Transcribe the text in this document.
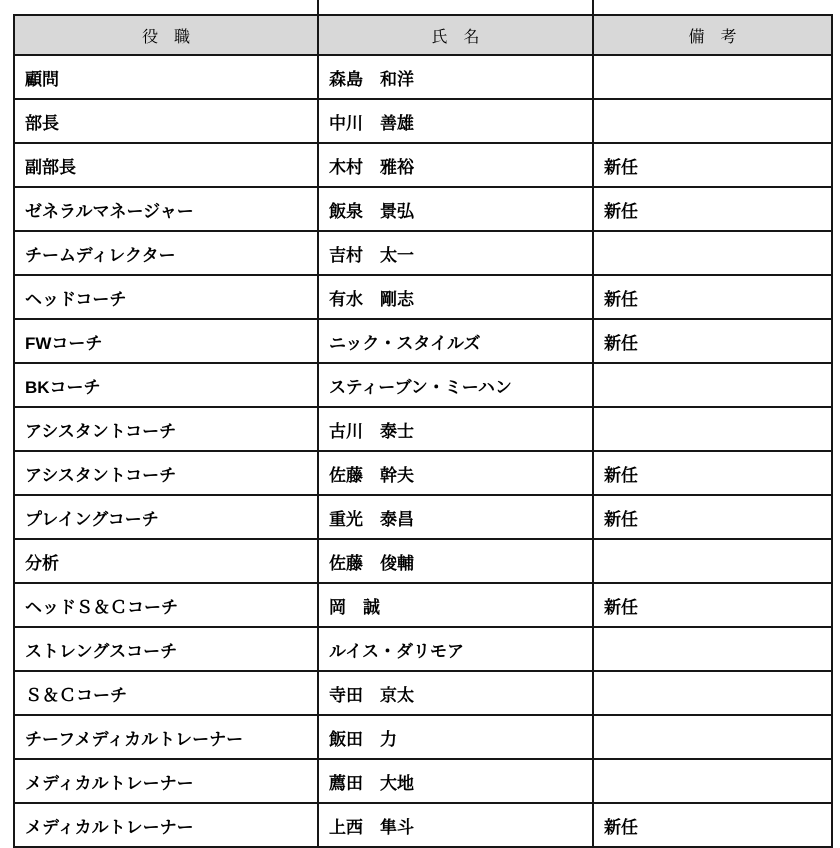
役　職	氏　名	備　考
顧問	森島　和洋	
部長	中川　善雄	
副部長	木村　雅裕	新任
ゼネラルマネージャー	飯泉　景弘	新任
チームディレクター	吉村　太一	
ヘッドコーチ	有水　剛志	新任
FWコーチ	ニック・スタイルズ	新任
BKコーチ	スティーブン・ミーハン	
アシスタントコーチ	古川　泰士	
アシスタントコーチ	佐藤　幹夫	新任
プレイングコーチ	重光　泰昌	新任
分析	佐藤　俊輔	
ヘッドＳ＆Ｃコーチ	岡　誠	新任
ストレングスコーチ	ルイス・ダリモア	
Ｓ＆Ｃコーチ	寺田　京太	
チーフメディカルトレーナー	飯田　力	
メディカルトレーナー	薦田　大地	
メディカルトレーナー	上西　隼斗	新任
